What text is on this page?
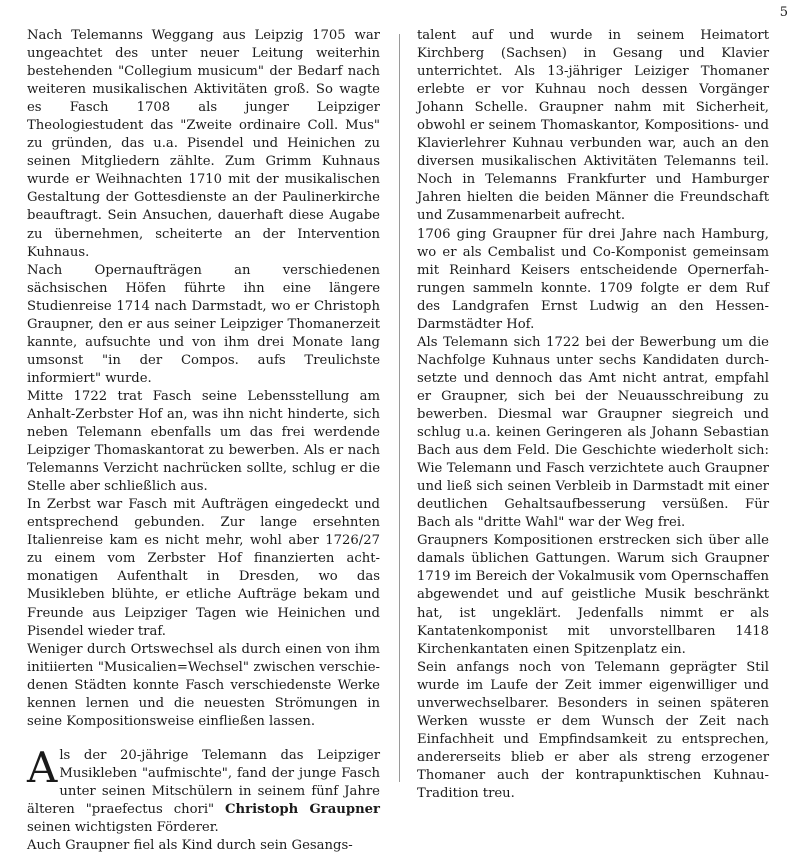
5

Nach Telemanns Weggang aus Leipzig 1705 war ungeachtet des unter neuer Leitung weiterhin bestehenden "Collegium musicum" der Bedarf nach weiteren musikalischen Aktivitäten groß. So wagte es Fasch 1708 als junger Leipziger Theologiestudent das "Zweite ordinaire Coll. Mus" zu gründen, das u.a. Pisendel und Heinichen zu seinen Mitgliedern zählte. Zum Grimm Kuhnaus wurde er Weihnachten 1710 mit der musikalischen Gestaltung der Gottesdienste an der Paulinerkirche beauftragt. Sein Ansuchen, dauerhaft diese Augabe zu übernehmen, scheiterte an der Intervention Kuhnaus.

Nach Opernaufträgen an verschiedenen sächsischen Höfen führte ihn eine längere Studienreise 1714 nach Darmstadt, wo er Christoph Graupner, den er aus seiner Leipziger Thomanerzeit kannte, aufsuchte und von ihm drei Monate lang umsonst "in der Compos. aufs Treulichste informiert" wurde.

Mitte 1722 trat Fasch seine Lebensstellung am Anhalt-Zerbster Hof an, was ihn nicht hinderte, sich neben Telemann ebenfalls um das frei werdende Leipziger Thomaskantorat zu bewerben. Als er nach Telemanns Verzicht nachrücken sollte, schlug er die Stelle aber schließlich aus.

In Zerbst war Fasch mit Aufträgen eingedeckt und entsprechend gebunden. Zur lange ersehnten Italienreise kam es nicht mehr, wohl aber 1726/27 zu einem vom Zerbster Hof finanzierten achtmonatigen Aufenthalt in Dresden, wo das Musikleben blühte, er etliche Aufträge bekam und Freunde aus Leipziger Tagen wie Heinichen und Pisendel wieder traf.

Weniger durch Ortswechsel als durch einen von ihm initiierten "Musicalien=Wechsel" zwischen verschiedenen Städten konnte Fasch verschiedenste Werke kennen lernen und die neuesten Strömungen in seine Kompositionsweise einfließen lassen.

Als der 20-jährige Telemann das Leipziger Musikleben "aufmischte", fand der junge Fasch unter seinen Mitschülern in seinem fünf Jahre älteren "praefectus chori" Christoph Graupner seinen wichtigsten Förderer.

Auch Graupner fiel als Kind durch sein Gesangs-

talent auf und wurde in seinem Heimatort Kirchberg (Sachsen) in Gesang und Klavier unterrichtet. Als 13-jähriger Leiziger Thomaner erlebte er vor Kuhnau noch dessen Vorgänger Johann Schelle. Graupner nahm mit Sicherheit, obwohl er seinem Thomaskantor, Kompositions- und Klavierlehrer Kuhnau verbunden war, auch an den diversen musikalischen Aktivitäten Telemanns teil. Noch in Telemanns Frankfurter und Hamburger Jahren hielten die beiden Männer die Freundschaft und Zusammenarbeit aufrecht.

1706 ging Graupner für drei Jahre nach Hamburg, wo er als Cembalist und Co-Komponist gemeinsam mit Reinhard Keisers entscheidende Opernerfahrungen sammeln konnte. 1709 folgte er dem Ruf des Landgrafen Ernst Ludwig an den Hessen-Darmstädter Hof.

Als Telemann sich 1722 bei der Bewerbung um die Nachfolge Kuhnaus unter sechs Kandidaten durchsetzte und dennoch das Amt nicht antrat, empfahl er Graupner, sich bei der Neuausschreibung zu bewerben. Diesmal war Graupner siegreich und schlug u.a. keinen Geringeren als Johann Sebastian Bach aus dem Feld. Die Geschichte wiederholt sich: Wie Telemann und Fasch verzichtete auch Graupner und ließ sich seinen Verbleib in Darmstadt mit einer deutlichen Gehaltsaufbesserung versüßen. Für Bach als "dritte Wahl" war der Weg frei.

Graupners Kompositionen erstrecken sich über alle damals üblichen Gattungen. Warum sich Graupner 1719 im Bereich der Vokalmusik vom Opernschaffen abgewendet und auf geistliche Musik beschränkt hat, ist ungeklärt. Jedenfalls nimmt er als Kantatenkomponist mit unvorstellbaren 1418 Kirchenkantaten einen Spitzenplatz ein.

Sein anfangs noch von Telemann geprägter Stil wurde im Laufe der Zeit immer eigenwilliger und unverwechselbarer. Besonders in seinen späteren Werken wusste er dem Wunsch der Zeit nach Einfachheit und Empfindsamkeit zu entsprechen, andererseits blieb er aber als streng erzogener Thomaner auch der kontrapunktischen Kuhnau-Tradition treu.
